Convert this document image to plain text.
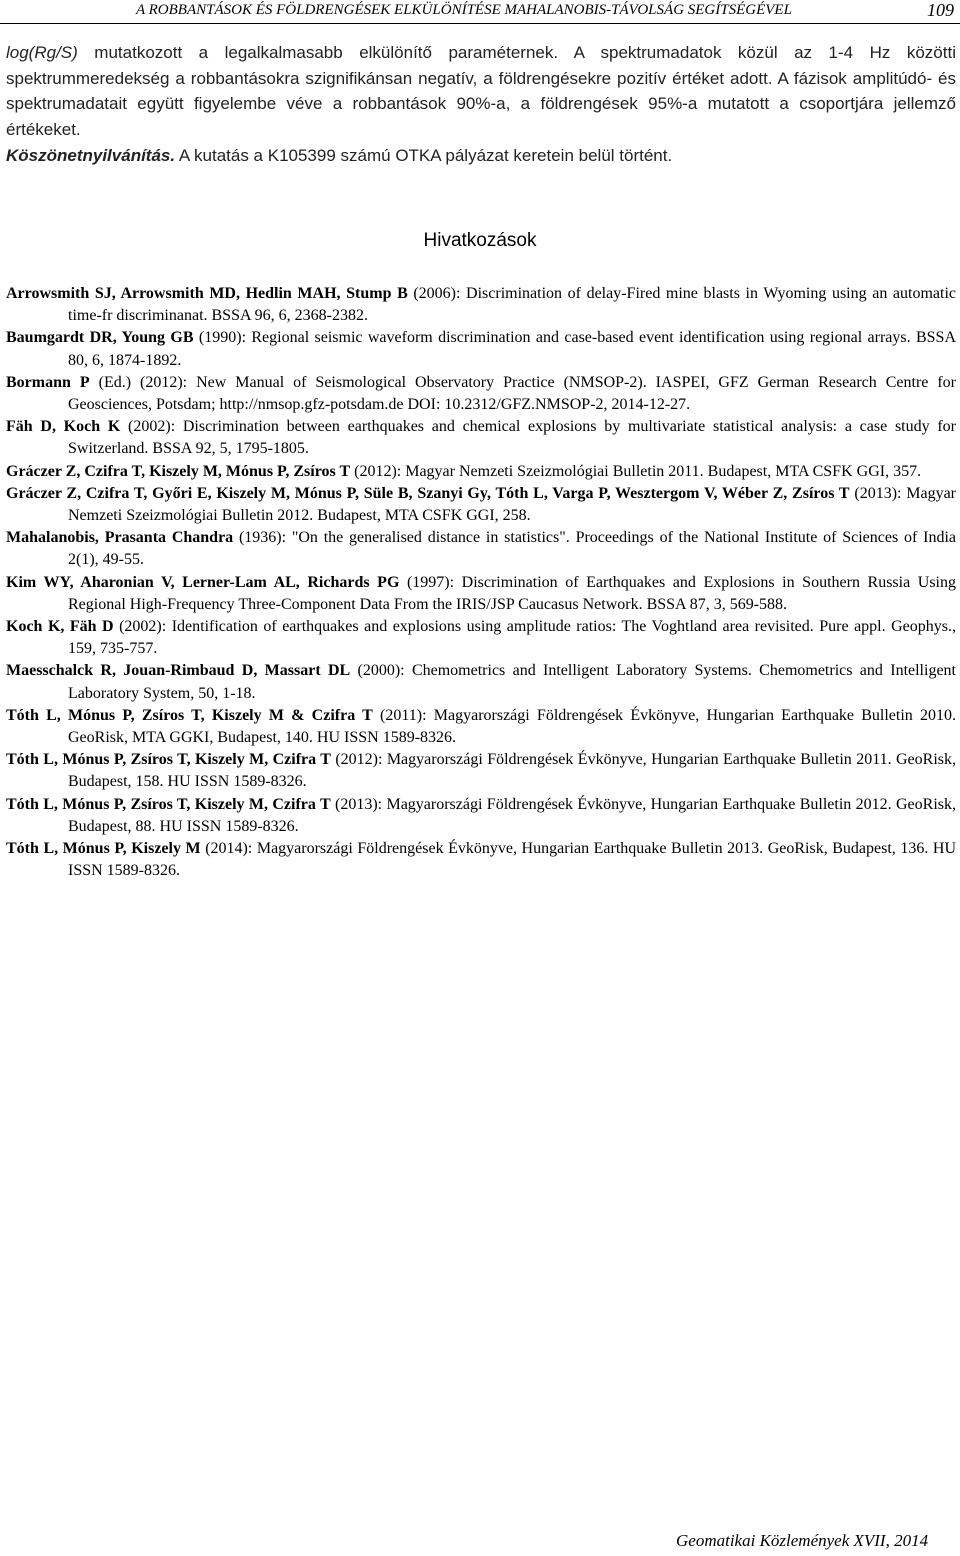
A ROBBANTÁSOK ÉS FÖLDRENGÉSEK ELKÜLÖNÍTÉSE MAHALANOBIS-TÁVOLSÁG SEGÍTSÉGÉVEL	109

log(Rg/S) mutatkozott a legalkalmasabb elkülönítő paraméternek. A spektrumadatok közül az 1-4 Hz közötti spektrummeredekség a robbantásokra szignifikánsan negatív, a földrengésekre pozitív értéket adott. A fázisok amplitúdó- és spektrumadatait együtt figyelembe véve a robbantások 90%-a, a földrengések 95%-a mutatott a csoportjára jellemző értékeket.

Köszönetnyilvánítás. A kutatás a K105399 számú OTKA pályázat keretein belül történt.

Hivatkozások
Arrowsmith SJ, Arrowsmith MD, Hedlin MAH, Stump B (2006): Discrimination of delay-Fired mine blasts in Wyoming using an automatic time-fr discriminanat. BSSA 96, 6, 2368-2382.
Baumgardt DR, Young GB (1990): Regional seismic waveform discrimination and case-based event identification using regional arrays. BSSA 80, 6, 1874-1892.
Bormann P (Ed.) (2012): New Manual of Seismological Observatory Practice (NMSOP-2). IASPEI, GFZ German Research Centre for Geosciences, Potsdam; http://nmsop.gfz-potsdam.de DOI: 10.2312/GFZ.NMSOP-2, 2014-12-27.
Fäh D, Koch K (2002): Discrimination between earthquakes and chemical explosions by multivariate statistical analysis: a case study for Switzerland. BSSA 92, 5, 1795-1805.
Gráczer Z, Czifra T, Kiszely M, Mónus P, Zsíros T (2012): Magyar Nemzeti Szeizmológiai Bulletin 2011. Budapest, MTA CSFK GGI, 357.
Gráczer Z, Czifra T, Győri E, Kiszely M, Mónus P, Süle B, Szanyi Gy, Tóth L, Varga P, Wesztergom V, Wéber Z, Zsíros T (2013): Magyar Nemzeti Szeizmológiai Bulletin 2012. Budapest, MTA CSFK GGI, 258.
Mahalanobis, Prasanta Chandra (1936): "On the generalised distance in statistics". Proceedings of the National Institute of Sciences of India 2(1), 49-55.
Kim WY, Aharonian V, Lerner-Lam AL, Richards PG (1997): Discrimination of Earthquakes and Explosions in Southern Russia Using Regional High-Frequency Three-Component Data From the IRIS/JSP Caucasus Network. BSSA 87, 3, 569-588.
Koch K, Fäh D (2002): Identification of earthquakes and explosions using amplitude ratios: The Voghtland area revisited. Pure appl. Geophys., 159, 735-757.
Maesschalck R, Jouan-Rimbaud D, Massart DL (2000): Chemometrics and Intelligent Laboratory Systems. Chemometrics and Intelligent Laboratory System, 50, 1-18.
Tóth L, Mónus P, Zsíros T, Kiszely M & Czifra T (2011): Magyarországi Földrengések Évkönyve, Hungarian Earthquake Bulletin 2010. GeoRisk, MTA GGKI, Budapest, 140. HU ISSN 1589-8326.
Tóth L, Mónus P, Zsíros T, Kiszely M, Czifra T (2012): Magyarországi Földrengések Évkönyve, Hungarian Earthquake Bulletin 2011. GeoRisk, Budapest, 158. HU ISSN 1589-8326.
Tóth L, Mónus P, Zsíros T, Kiszely M, Czifra T (2013): Magyarországi Földrengések Évkönyve, Hungarian Earthquake Bulletin 2012. GeoRisk, Budapest, 88. HU ISSN 1589-8326.
Tóth L, Mónus P, Kiszely M (2014): Magyarországi Földrengések Évkönyve, Hungarian Earthquake Bulletin 2013. GeoRisk, Budapest, 136. HU ISSN 1589-8326.
Geomatikai Közlemények XVII, 2014
